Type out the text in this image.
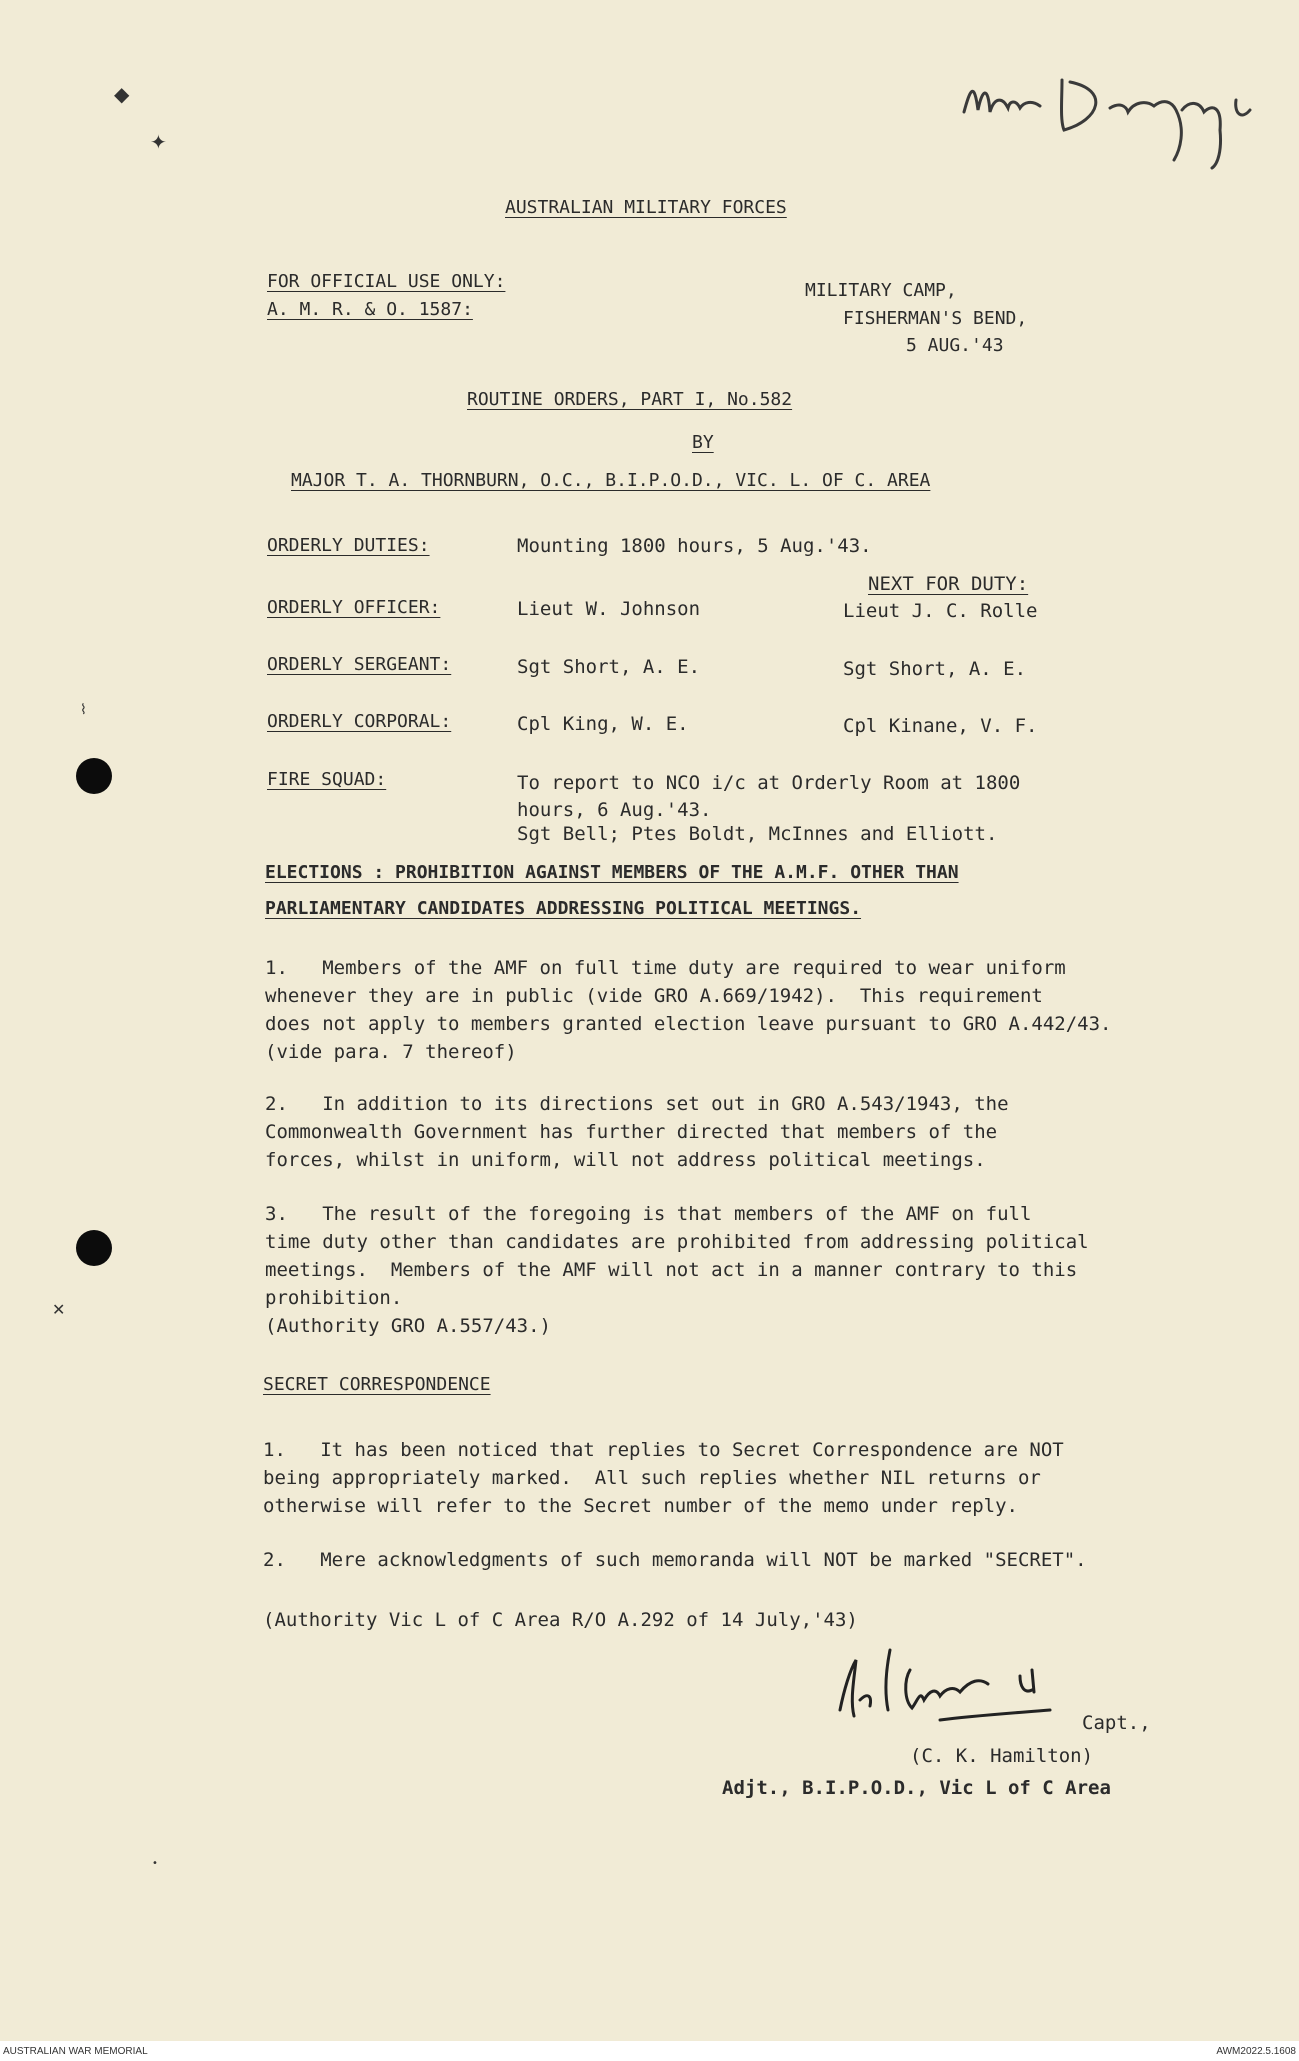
◆
✦
⌇
✕
War Diary
AUSTRALIAN MILITARY FORCES
FOR OFFICIAL USE ONLY:
A. M. R. & O. 1587:
MILITARY CAMP,
FISHERMAN'S BEND,
5 AUG.'43
ROUTINE ORDERS, PART I, No.582
BY
MAJOR T. A. THORNBURN, O.C., B.I.P.O.D., VIC. L. OF C. AREA
ORDERLY DUTIES:	Mounting 1800 hours, 5 Aug.'43.
NEXT FOR DUTY:
ORDERLY OFFICER:	Lieut W. Johnson	Lieut J. C. Rolle
ORDERLY SERGEANT:	Sgt Short, A. E.	Sgt Short, A. E.
ORDERLY CORPORAL:	Cpl King, W. E.	Cpl Kinane, V. F.
FIRE SQUAD:	To report to NCO i/c at Orderly Room at 1800
hours, 6 Aug.'43.
Sgt Bell; Ptes Boldt, McInnes and Elliott.
ELECTIONS : PROHIBITION AGAINST MEMBERS OF THE A.M.F. OTHER THAN
PARLIAMENTARY CANDIDATES ADDRESSING POLITICAL MEETINGS.
1.   Members of the AMF on full time duty are required to wear uniform
whenever they are in public (vide GRO A.669/1942).  This requirement
does not apply to members granted election leave pursuant to GRO A.442/43.
(vide para. 7 thereof)
2.   In addition to its directions set out in GRO A.543/1943, the
Commonwealth Government has further directed that members of the
forces, whilst in uniform, will not address political meetings.
3.   The result of the foregoing is that members of the AMF on full
time duty other than candidates are prohibited from addressing political
meetings.  Members of the AMF will not act in a manner contrary to this
prohibition.
(Authority GRO A.557/43.)
SECRET CORRESPONDENCE
1.   It has been noticed that replies to Secret Correspondence are NOT
being appropriately marked.  All such replies whether NIL returns or
otherwise will refer to the Secret number of the memo under reply.
2.   Mere acknowledgments of such memoranda will NOT be marked "SECRET".
(Authority Vic L of C Area R/O A.292 of 14 July,'43)
Capt.,
(C. K. Hamilton)
Adjt., B.I.P.O.D., Vic L of C Area
•
AUSTRALIAN WAR MEMORIAL	AWM2022.5.1608
